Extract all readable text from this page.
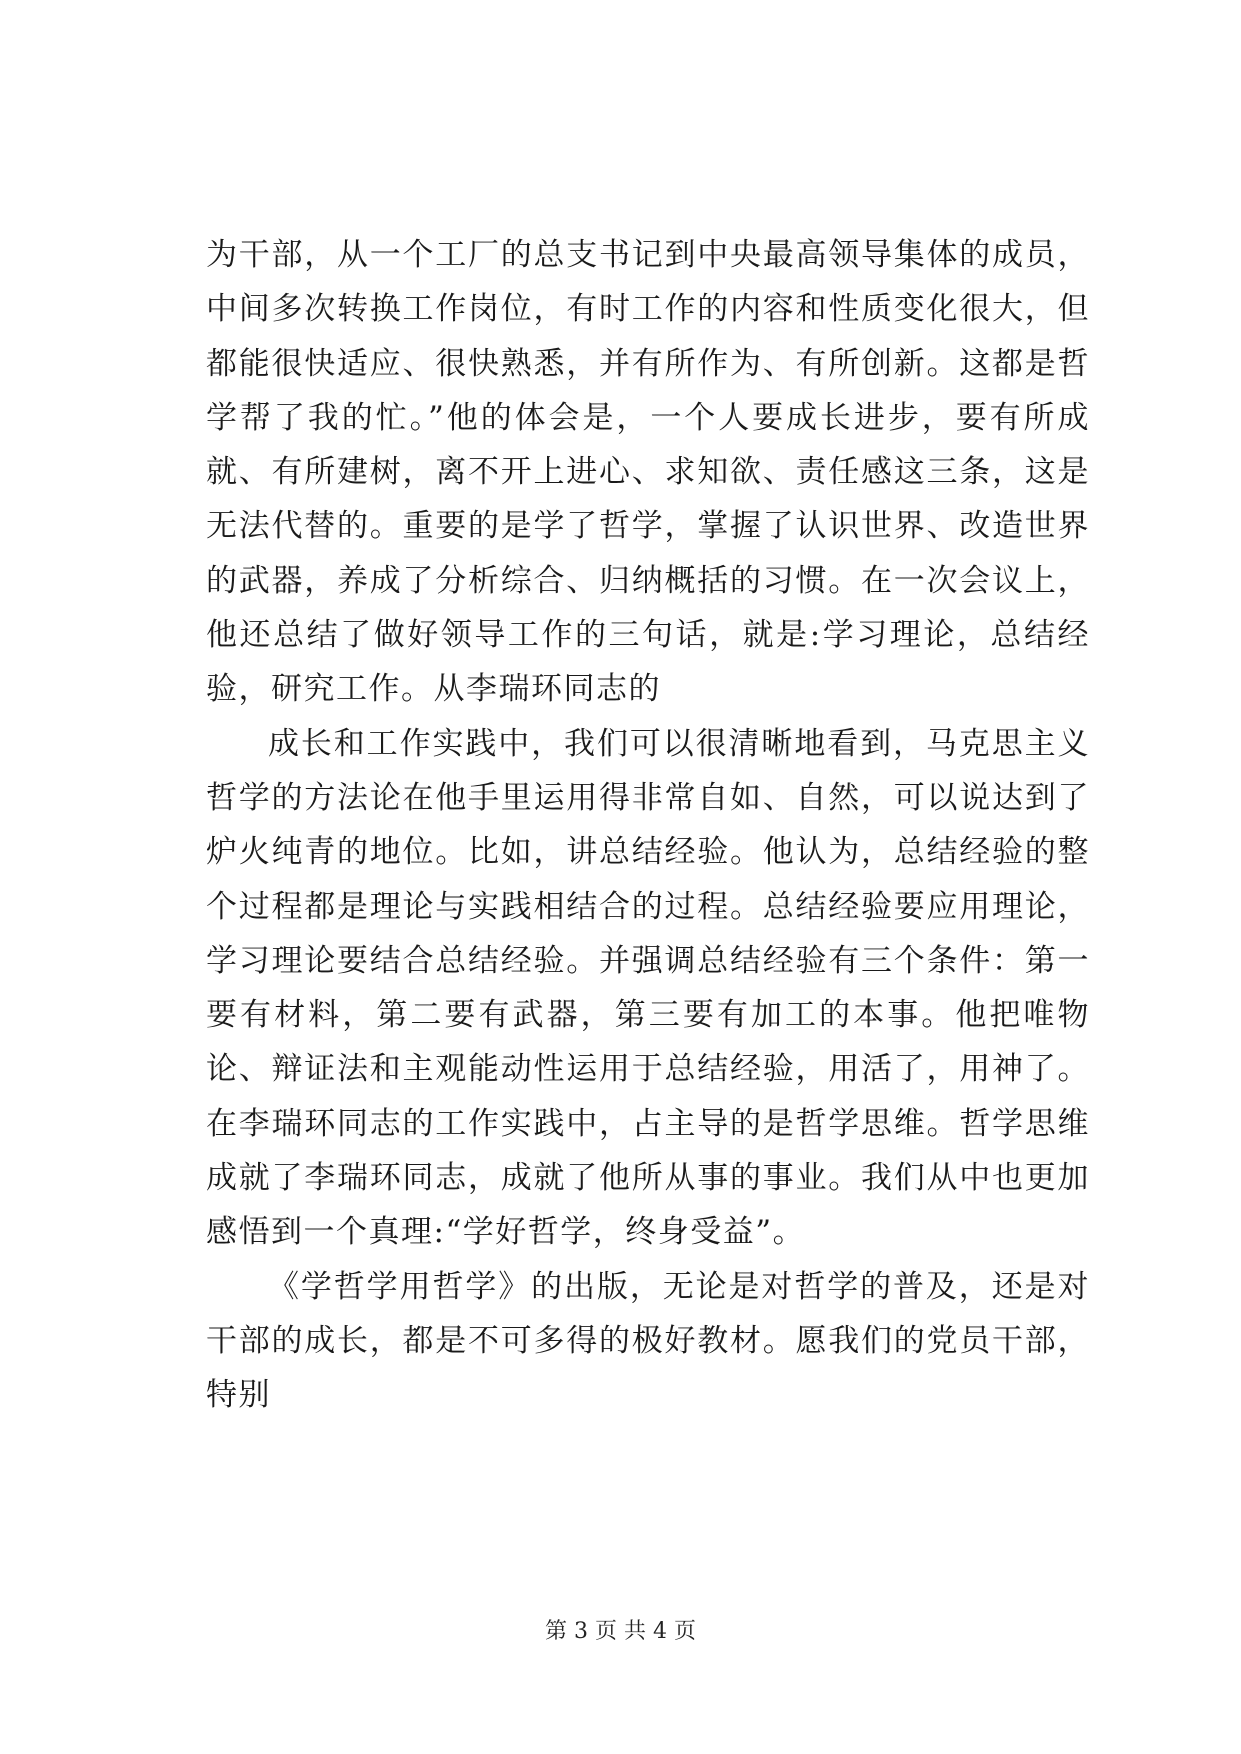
为干部，从一个工厂的总支书记到中央最高领导集体的成员，中间多次转换工作岗位，有时工作的内容和性质变化很大，但都能很快适应、很快熟悉，并有所作为、有所创新。这都是哲学帮了我的忙。”他的体会是，一个人要成长进步，要有所成就、有所建树，离不开上进心、求知欲、责任感这三条，这是无法代替的。重要的是学了哲学，掌握了认识世界、改造世界的武器，养成了分析综合、归纳概括的习惯。在一次会议上，他还总结了做好领导工作的三句话，就是:学习理论，总结经验，研究工作。从李瑞环同志的

成长和工作实践中，我们可以很清晰地看到，马克思主义哲学的方法论在他手里运用得非常自如、自然，可以说达到了炉火纯青的地位。比如，讲总结经验。他认为，总结经验的整个过程都是理论与实践相结合的过程。总结经验要应用理论，学习理论要结合总结经验。并强调总结经验有三个条件：第一要有材料，第二要有武器，第三要有加工的本事。他把唯物论、辩证法和主观能动性运用于总结经验，用活了，用神了。在李瑞环同志的工作实践中，占主导的是哲学思维。哲学思维成就了李瑞环同志，成就了他所从事的事业。我们从中也更加感悟到一个真理:“学好哲学，终身受益”。

《学哲学用哲学》的出版，无论是对哲学的普及，还是对干部的成长，都是不可多得的极好教材。愿我们的党员干部，特别

第 3 页 共 4 页
